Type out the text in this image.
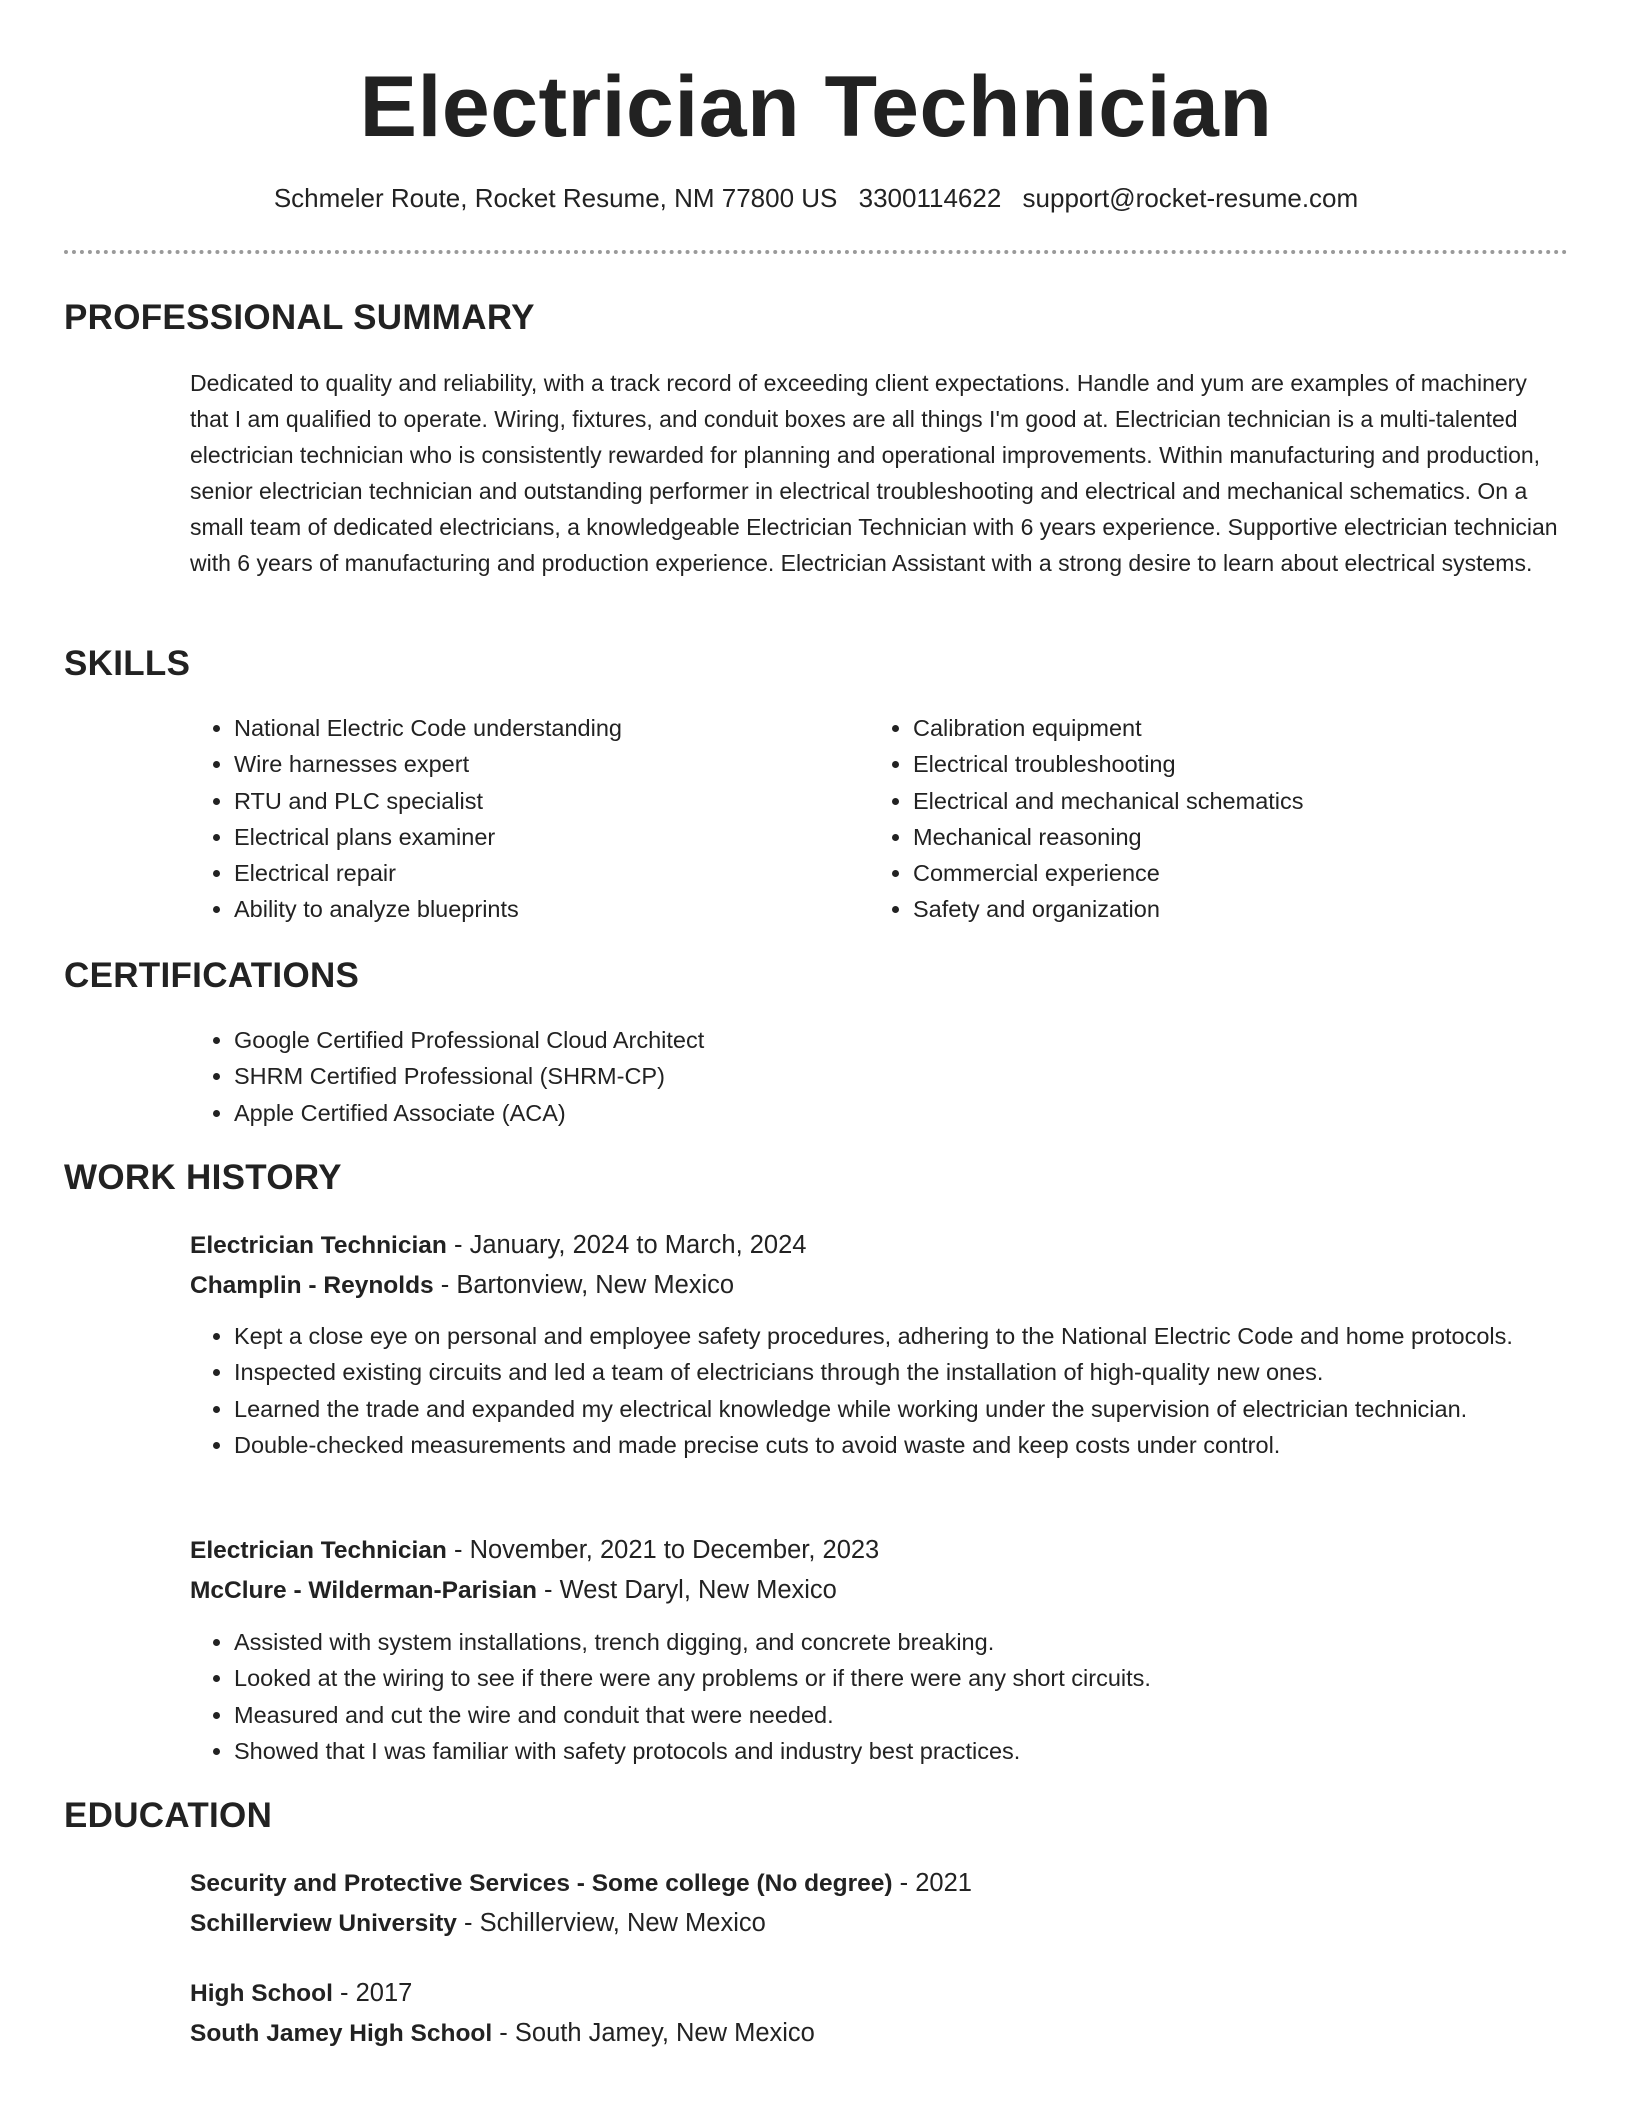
Electrician Technician
Schmeler Route, Rocket Resume, NM 77800 US 3300114622 support@rocket-resume.com
PROFESSIONAL SUMMARY

Dedicated to quality and reliability, with a track record of exceeding client expectations. Handle and yum are examples of machinery that I am qualified to operate. Wiring, fixtures, and conduit boxes are all things I'm good at. Electrician technician is a multi-talented electrician technician who is consistently rewarded for planning and operational improvements. Within manufacturing and production, senior electrician technician and outstanding performer in electrical troubleshooting and electrical and mechanical schematics. On a small team of dedicated electricians, a knowledgeable Electrician Technician with 6 years experience. Supportive electrician technician with 6 years of manufacturing and production experience. Electrician Assistant with a strong desire to learn about electrical systems.

SKILLS
• National Electric Code understanding
• Wire harnesses expert
• RTU and PLC specialist
• Electrical plans examiner
• Electrical repair
• Ability to analyze blueprints
• Calibration equipment
• Electrical troubleshooting
• Electrical and mechanical schematics
• Mechanical reasoning
• Commercial experience
• Safety and organization
CERTIFICATIONS
• Google Certified Professional Cloud Architect
• SHRM Certified Professional (SHRM-CP)
• Apple Certified Associate (ACA)
WORK HISTORY
Electrician Technician - January, 2024 to March, 2024
Champlin - Reynolds - Bartonview, New Mexico
• Kept a close eye on personal and employee safety procedures, adhering to the National Electric Code and home protocols.
• Inspected existing circuits and led a team of electricians through the installation of high-quality new ones.
• Learned the trade and expanded my electrical knowledge while working under the supervision of electrician technician.
• Double-checked measurements and made precise cuts to avoid waste and keep costs under control.
Electrician Technician - November, 2021 to December, 2023
McClure - Wilderman-Parisian - West Daryl, New Mexico
• Assisted with system installations, trench digging, and concrete breaking.
• Looked at the wiring to see if there were any problems or if there were any short circuits.
• Measured and cut the wire and conduit that were needed.
• Showed that I was familiar with safety protocols and industry best practices.
EDUCATION
Security and Protective Services - Some college (No degree) - 2021
Schillerview University - Schillerview, New Mexico
High School - 2017
South Jamey High School - South Jamey, New Mexico
